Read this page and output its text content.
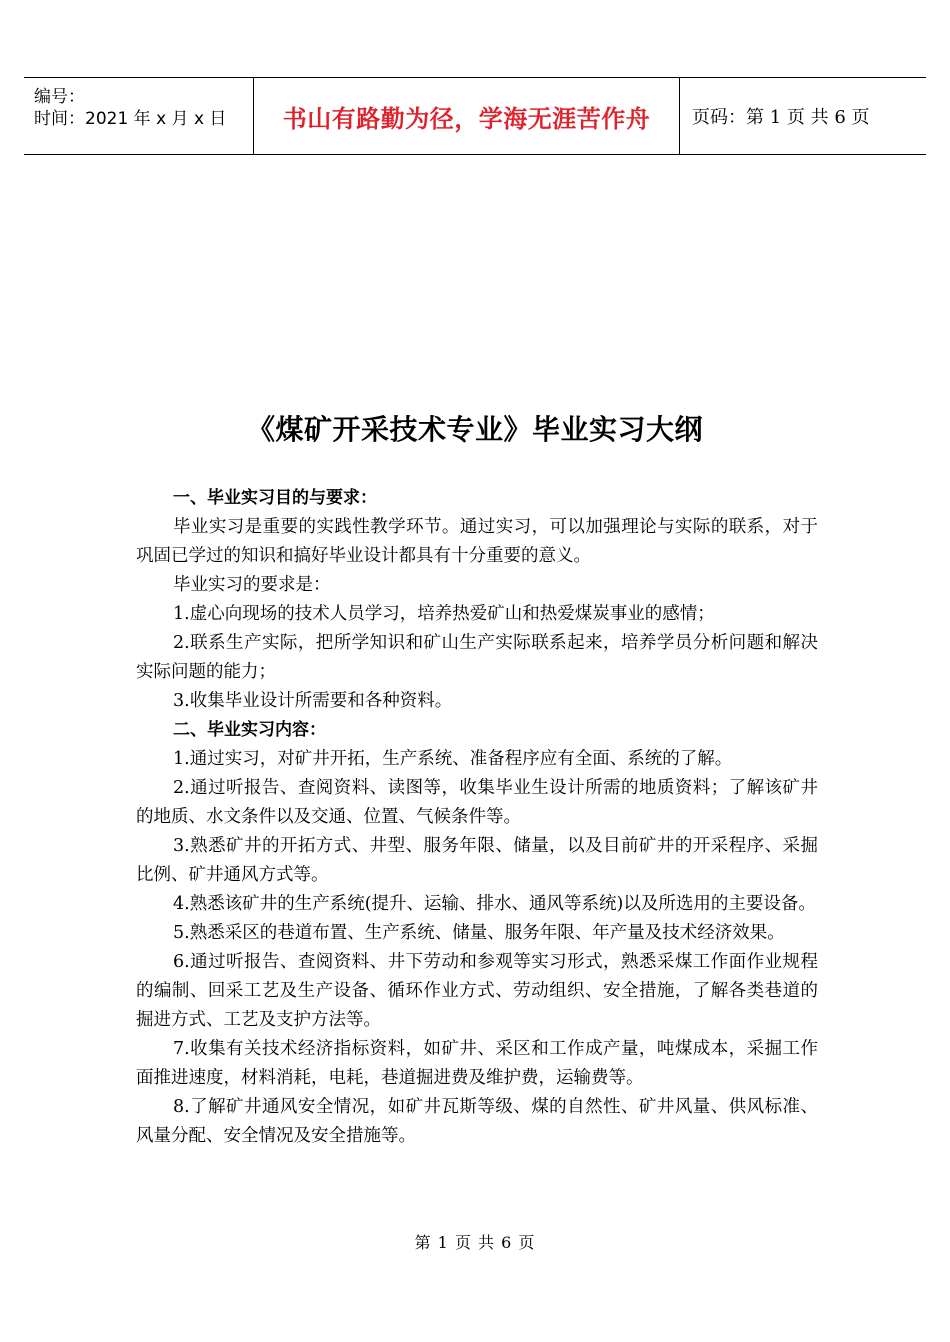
编号：
时间：2021 年 x 月 x 日 书山有路勤为径，学海无涯苦作舟 页码：第 1 页 共 6 页
《煤矿开采技术专业》毕业实习大纲

一、毕业实习目的与要求：

毕业实习是重要的实践性教学环节。通过实习，可以加强理论与实际的联系，对于巩固已学过的知识和搞好毕业设计都具有十分重要的意义。

毕业实习的要求是：

1.虚心向现场的技术人员学习，培养热爱矿山和热爱煤炭事业的感情；

2.联系生产实际，把所学知识和矿山生产实际联系起来，培养学员分析问题和解决实际问题的能力；

3.收集毕业设计所需要和各种资料。

二、毕业实习内容：

1.通过实习，对矿井开拓，生产系统、准备程序应有全面、系统的了解。

2.通过听报告、查阅资料、读图等，收集毕业生设计所需的地质资料；了解该矿井的地质、水文条件以及交通、位置、气候条件等。

3.熟悉矿井的开拓方式、井型、服务年限、储量，以及目前矿井的开采程序、采掘比例、矿井通风方式等。

4.熟悉该矿井的生产系统(提升、运输、排水、通风等系统)以及所选用的主要设备。

5.熟悉采区的巷道布置、生产系统、储量、服务年限、年产量及技术经济效果。

6.通过听报告、查阅资料、井下劳动和参观等实习形式，熟悉采煤工作面作业规程的编制、回采工艺及生产设备、循环作业方式、劳动组织、安全措施，了解各类巷道的掘进方式、工艺及支护方法等。

7.收集有关技术经济指标资料，如矿井、采区和工作成产量，吨煤成本，采掘工作面推进速度，材料消耗，电耗，巷道掘进费及维护费，运输费等。

8.了解矿井通风安全情况，如矿井瓦斯等级、煤的自然性、矿井风量、供风标准、风量分配、安全情况及安全措施等。

第 1 页 共 6 页
